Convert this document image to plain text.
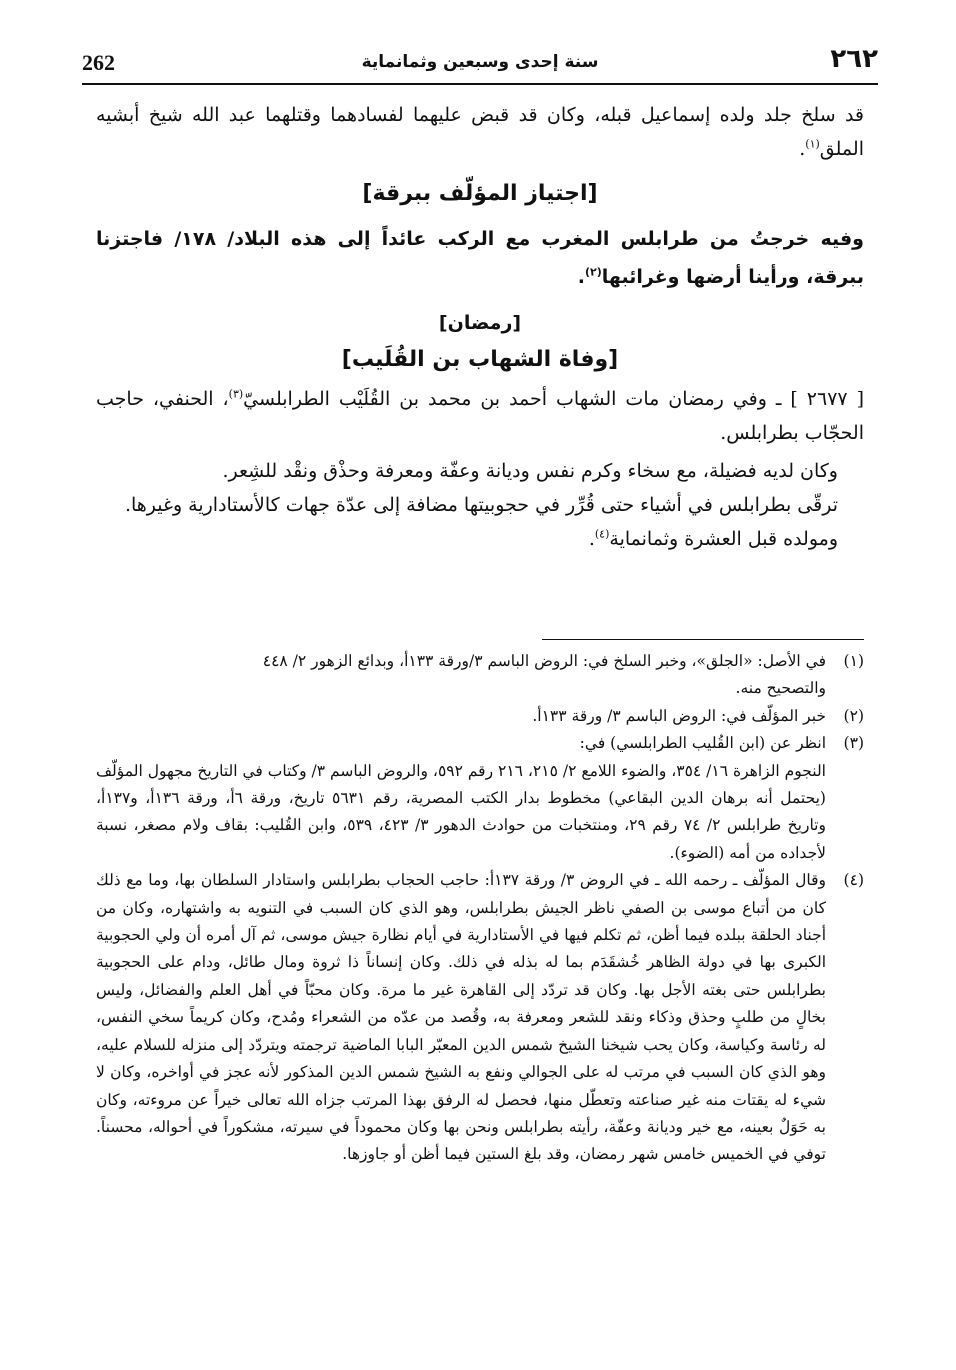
262	سنة إحدى وسبعين وثمانماية	٢٦٢

قد سلخ جلد ولده إسماعيل قبله، وكان قد قبض عليهما لفسادهما وقتلهما عبد الله شيخ أبشيه الملق$^{(١)}$.

[اجتياز المؤلّف ببرقة]

وفيه خرجتُ من طرابلس المغرب مع الركب عائداً إلى هذه البلاد/ ١٧٨/ فاجتزنا ببرقة، ورأينا أرضها وغرائبها$^{(٢)}$.

[رمضان]

[وفاة الشهاب بن القُلَيب]

[ ٢٦٧٧ ] ـ وفي رمضان مات الشهاب أحمد بن محمد بن القُلَيْب الطرابلسيّ$^{(٣)}$، الحنفي، حاجب الحجّاب بطرابلس.

وكان لديه فضيلة، مع سخاء وكرم نفس وديانة وعفّة ومعرفة وحذْق ونقْد للشِعر.

ترقّى بطرابلس في أشياء حتى قُرِّر في حجوبيتها مضافة إلى عدّة جهات كالأستادارية وغيرها.

ومولده قبل العشرة وثمانماية$^{(٤)}$.

(١)
في الأصل: «الجلق»، وخبر السلخ في: الروض الباسم ٣/ورقة ١٣٣أ، وبدائع الزهور ٢/ ٤٤٨
والتصحيح منه.
(٢)
خبر المؤلّف في: الروض الباسم ٣/ ورقة ١٣٣أ.
(٣)
انظر عن (ابن القُليب الطرابلسي) في:
النجوم الزاهرة ١٦/ ٣٥٤، والضوء اللامع ٢/ ٢١٥، ٢١٦ رقم ٥٩٢، والروض الباسم ٣/ وكتاب في التاريخ مجهول المؤلّف (يحتمل أنه برهان الدين البقاعي) مخطوط بدار الكتب المصرية، رقم ٥٦٣١ تاريخ، ورقة ٦أ، ورقة ١٣٦أ، و١٣٧أ، وتاريخ طرابلس ٢/ ٧٤ رقم ٢٩، ومنتخبات من حوادث الدهور ٣/ ٤٢٣، ٥٣٩، وابن القُليب: بقاف ولام مصغر، نسبة لأجداده من أمه (الضوء).
(٤)
وقال المؤلّف ـ رحمه الله ـ في الروض ٣/ ورقة ١٣٧أ: حاجب الحجاب بطرابلس واستادار السلطان بها، وما مع ذلك كان من أتباع موسى بن الصفي ناظر الجيش بطرابلس، وهو الذي كان السبب في التنويه به واشتهاره، وكان من أجناد الحلقة ببلده فيما أظن، ثم تكلم فيها في الأستادارية في أيام نظارة جيش موسى، ثم آل أمره أن ولي الحجوبية الكبرى بها في دولة الظاهر خُشقَدَم بما له بذله في ذلك. وكان إنساناً ذا ثروة ومال طائل، ودام على الحجوبية بطرابلس حتى بغته الأجل بها. وكان قد تردّد إلى القاهرة غير ما مرة. وكان محبّاً في أهل العلم والفضائل، وليس بخالٍ من طلبٍ وحذق وذكاء ونقد للشعر ومعرفة به، وقُصد من عدّه من الشعراء ومُدح، وكان كريماً سخي النفس، له رئاسة وكياسة، وكان يحب شيخنا الشيخ شمس الدين المعبّر البابا الماضية ترجمته ويتردّد إلى منزله للسلام عليه، وهو الذي كان السبب في مرتب له على الجوالي ونفع به الشيخ شمس الدين المذكور لأنه عجز في أواخره، وكان لا شيء له يقتات منه غير صناعته وتعطّل منها، فحصل له الرفق بهذا المرتب جزاه الله تعالى خيراً عن مروءته، وكان به حَوَلٌ بعينه، مع خير وديانة وعفّة، رأيته بطرابلس ونحن بها وكان محموداً في سيرته، مشكوراً في أحواله، محسناً. توفي في الخميس خامس شهر رمضان، وقد بلغ الستين فيما أظن أو جاوزها.
